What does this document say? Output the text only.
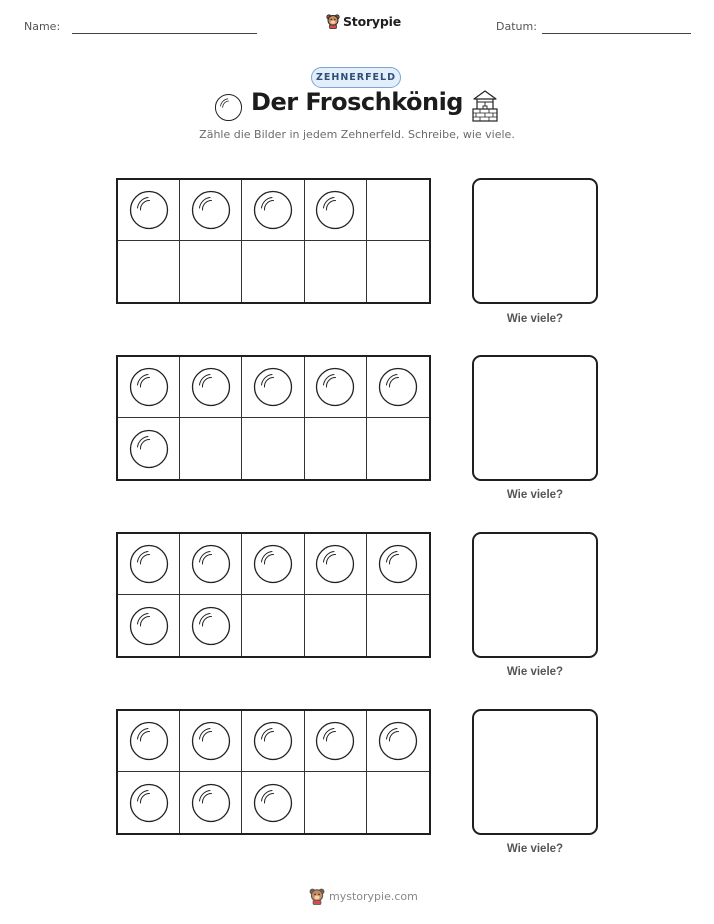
Name:	Storypie	Datum:
ZEHNERFELD
Der Froschkönig
Zähle die Bilder in jedem Zehnerfeld. Schreibe, wie viele.
Wie viele?
Wie viele?
Wie viele?
Wie viele?
mystorypie.com
